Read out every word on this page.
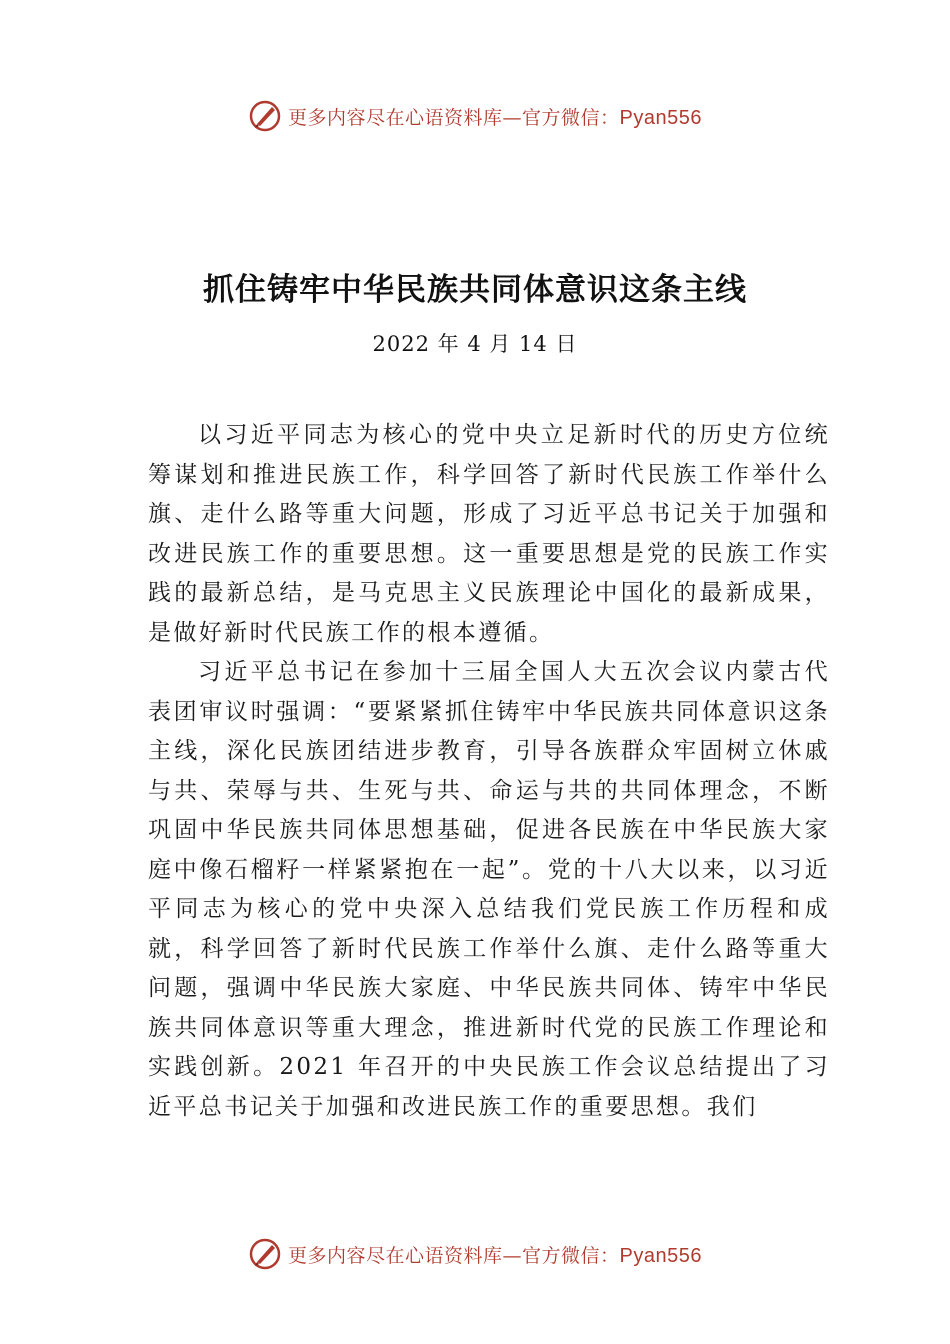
更多内容尽在心语资料库—官方微信：Pyan556
抓住铸牢中华民族共同体意识这条主线

2022 年 4 月 14 日

以习近平同志为核心的党中央立足新时代的历史方位统筹谋划和推进民族工作，科学回答了新时代民族工作举什么旗、走什么路等重大问题，形成了习近平总书记关于加强和改进民族工作的重要思想。这一重要思想是党的民族工作实践的最新总结，是马克思主义民族理论中国化的最新成果，是做好新时代民族工作的根本遵循。

习近平总书记在参加十三届全国人大五次会议内蒙古代表团审议时强调：“要紧紧抓住铸牢中华民族共同体意识这条主线，深化民族团结进步教育，引导各族群众牢固树立休戚与共、荣辱与共、生死与共、命运与共的共同体理念，不断巩固中华民族共同体思想基础，促进各民族在中华民族大家庭中像石榴籽一样紧紧抱在一起”。党的十八大以来，以习近平同志为核心的党中央深入总结我们党民族工作历程和成就，科学回答了新时代民族工作举什么旗、走什么路等重大问题，强调中华民族大家庭、中华民族共同体、铸牢中华民族共同体意识等重大理念，推进新时代党的民族工作理论和实践创新。2021 年召开的中央民族工作会议总结提出了习近平总书记关于加强和改进民族工作的重要思想。我们

更多内容尽在心语资料库—官方微信：Pyan556
